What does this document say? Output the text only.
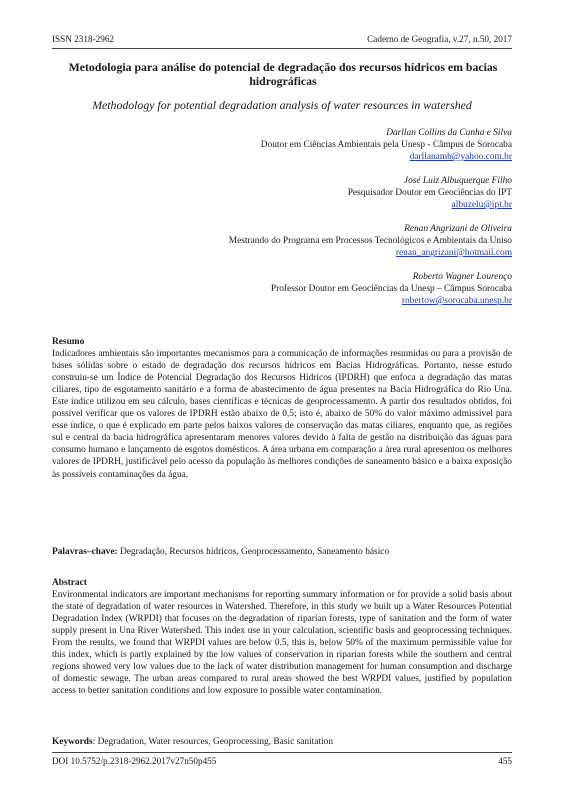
ISSN 2318-2962	Caderno de Geografia, v.27, n.50, 2017
Metodologia para análise do potencial de degradação dos recursos hídricos em bacias hidrográficas
Methodology for potential degradation analysis of water resources in watershed
Darllan Collins da Cunha e Silva
Doutor em Ciências Ambientais pela Unesp - Câmpus de Sorocaba
darllanamb@yahoo.com.br
José Luiz Albuquerque Filho
Pesquisador Doutor em Geociências do IPT
albuzelu@ipt.br
Renan Angrizani de Oliveira
Mestrando do Programa em Processos Tecnológicos e Ambientais da Uniso
renan_angrizani@hotmail.com
Roberto Wagner Lourenço
Professor Doutor em Geociências da Unesp – Câmpus Sorocaba
robertow@sorocaba.unesp.br
Resumo

Indicadores ambientais são importantes mecanismos para a comunicação de informações resumidas ou para a provisão de bases sólidas sobre o estado de degradação dos recursos hídricos em Bacias Hidrográficas. Portanto, nesse estudo construiu-se um Índice de Potencial Degradação dos Recursos Hídricos (IPDRH) que enfoca a degradação das matas ciliares, tipo de esgotamento sanitário e a forma de abastecimento de água presentes na Bacia Hidrográfica do Rio Una. Este índice utilizou em seu cálculo, bases científicas e técnicas de geoprocessamento. A partir dos resultados obtidos, foi possível verificar que os valores de IPDRH estão abaixo de 0,5; isto é, abaixo de 50% do valor máximo admissível para esse índice, o que é explicado em parte pelos baixos valores de conservação das matas ciliares, enquanto que, as regiões sul e central da bacia hidrográfica apresentaram menores valores devido à falta de gestão na distribuição das águas para consumo humano e lançamento de esgotos domésticos. A área urbana em comparação a área rural apresentou os melhores valores de IPDRH, justificável pelo acesso da população às melhores condições de saneamento básico e a baixa exposição às possíveis contaminações da água.

Palavras–chave: Degradação, Recursos hídricos, Geoprocessamento, Saneamento básico
Abstract

Environmental indicators are important mechanisms for reporting summary information or for provide a solid basis about the state of degradation of water resources in Watershed. Therefore, in this study we built up a Water Resources Potential Degradation Index (WRPDI) that focuses on the degradation of riparian forests, type of sanitation and the form of water supply present in Una River Watershed. This index use in your calculation, scientific basis and geoprocessing techniques. From the results, we found that WRPDI values are below 0.5, this is, below 50% of the maximum permissible value for this index, which is partly explained by the low values of conservation in riparian forests while the southern and central regions showed very low values due to the lack of water distribution management for human consumption and discharge of domestic sewage. The urban areas compared to rural areas showed the best WRPDI values, justified by population access to better sanitation conditions and low exposure to possible water contamination.

Keywords: Degradation, Water resources, Geoprocessing, Basic sanitation
DOI 10.5752/p.2318-2962.2017v27n50p455	455
